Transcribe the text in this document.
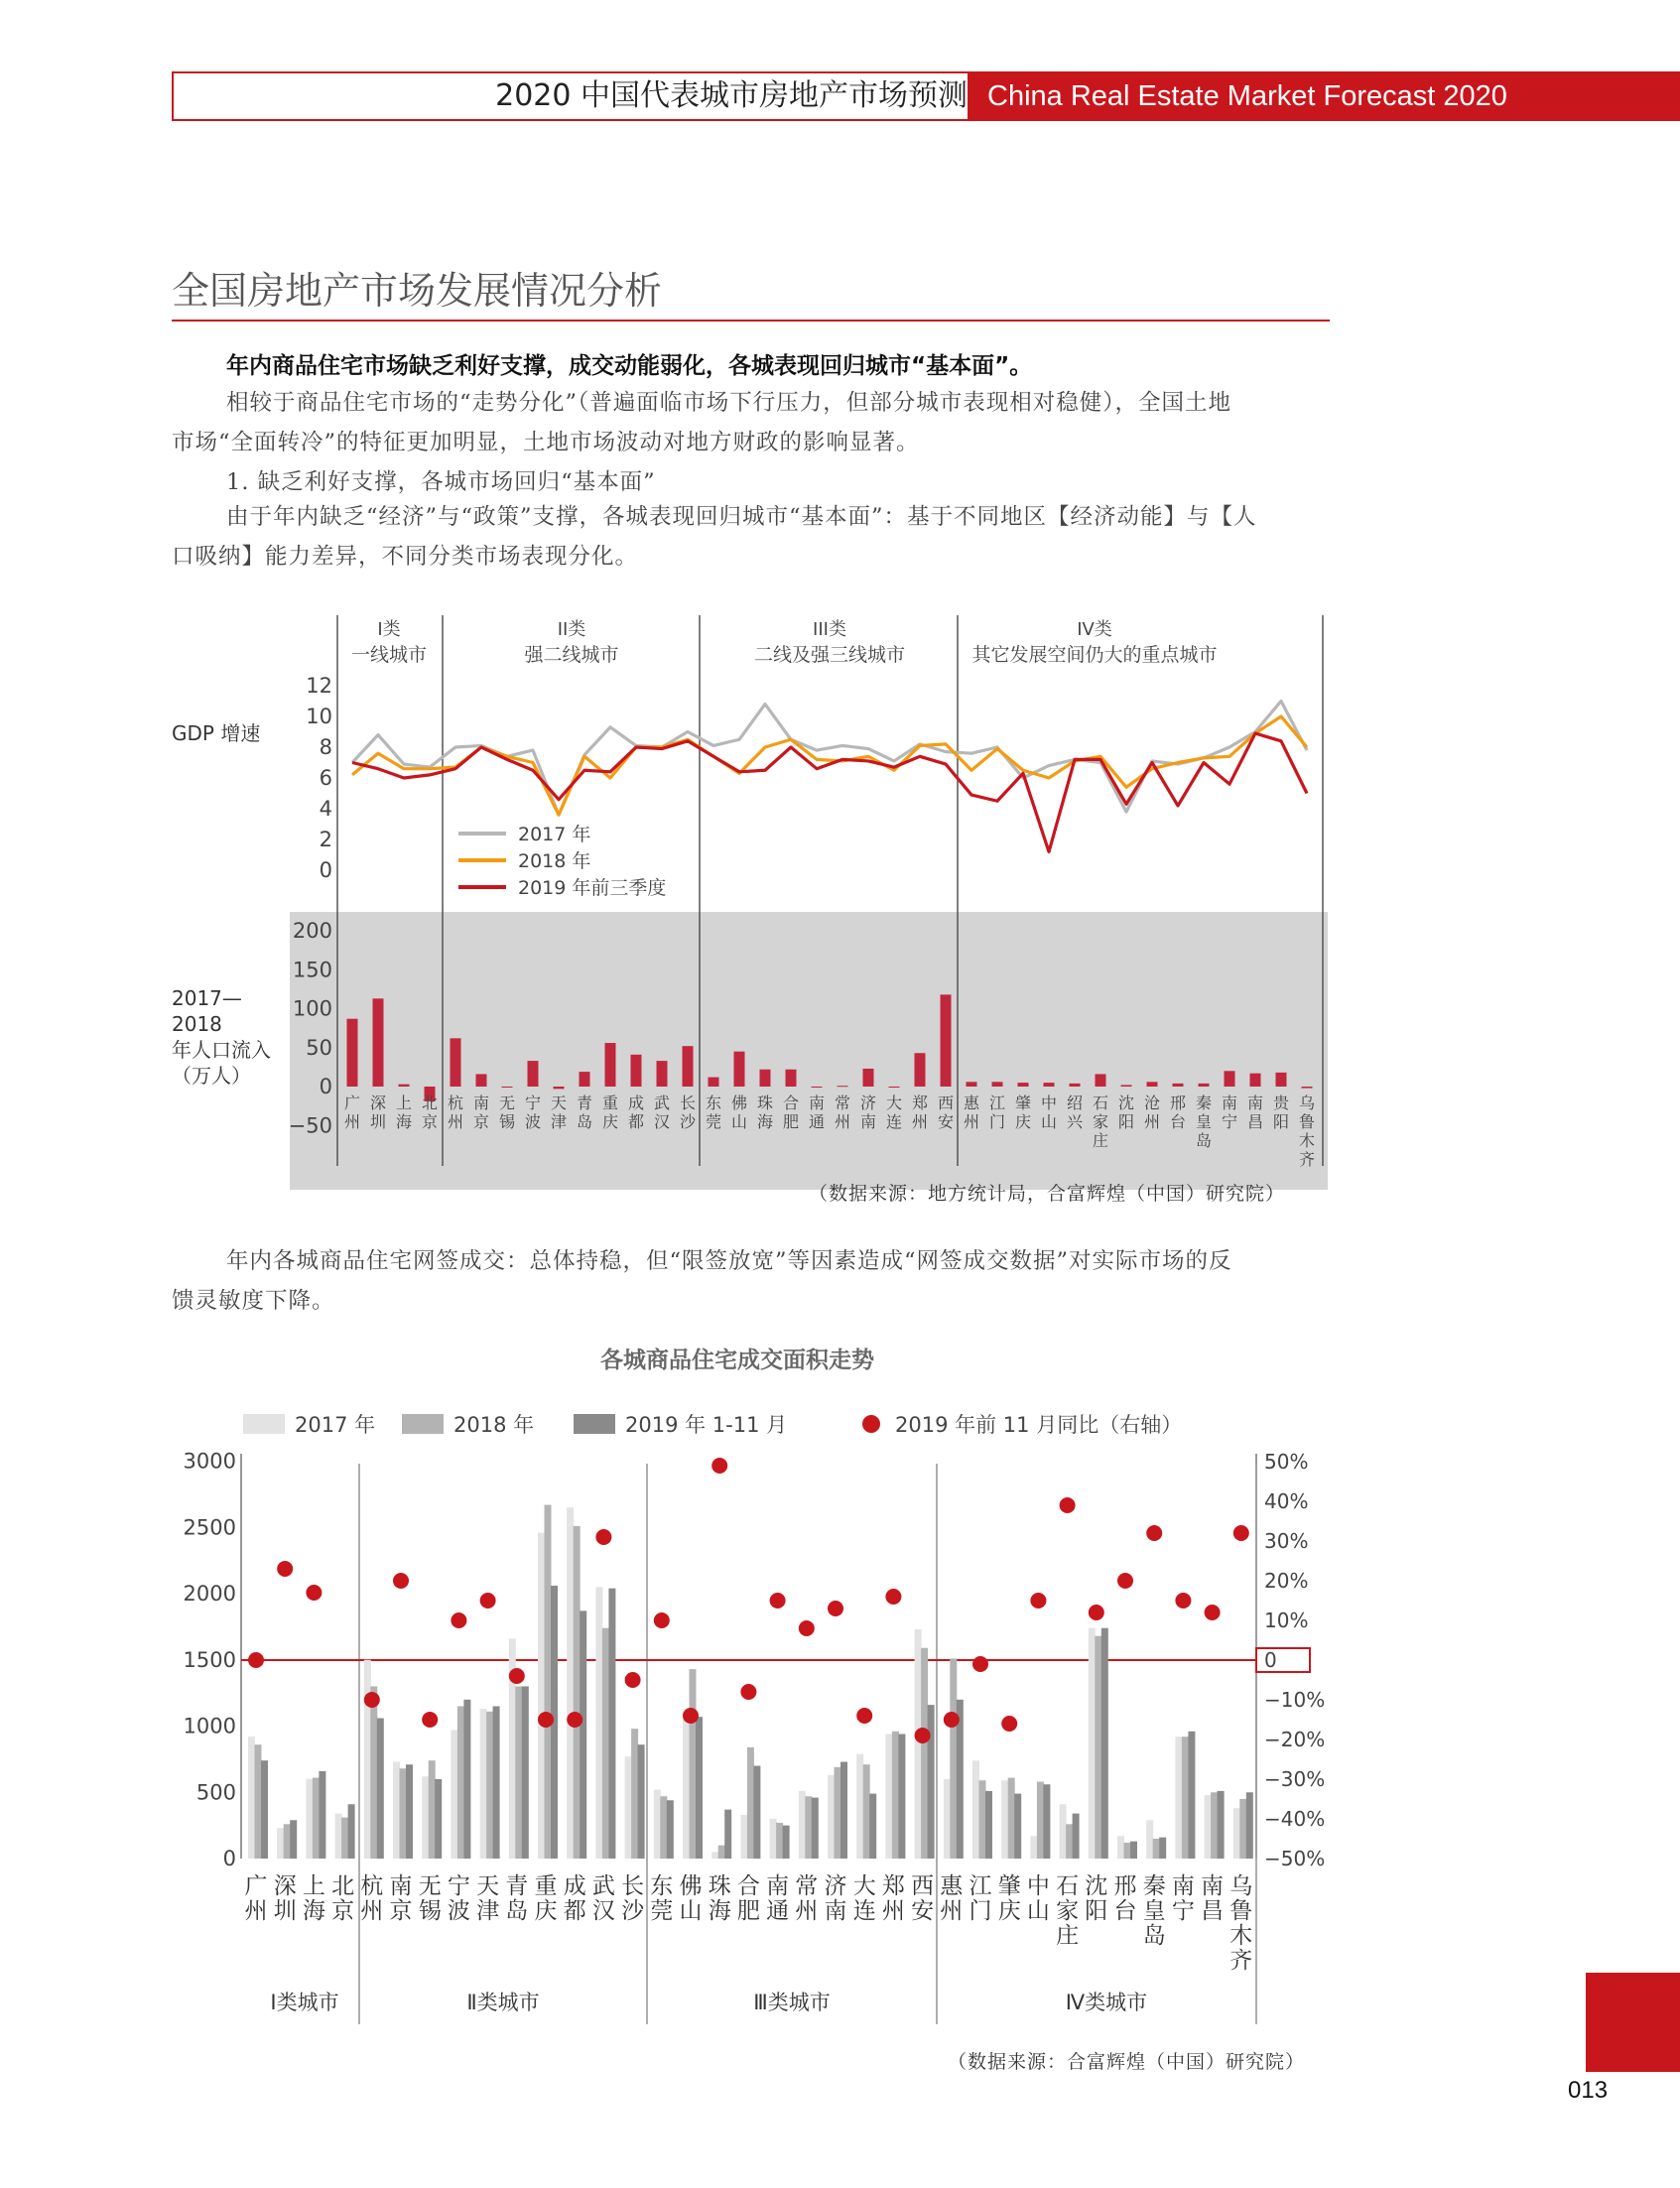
2020 中国代表城市房地产市场预测 China Real Estate Market Forecast 2020
全国房地产市场发展情况分析
年内商品住宅市场缺乏利好支撑，成交动能弱化，各城表现回归城市“基本面”。
相较于商品住宅市场的“走势分化”（普遍面临市场下行压力，但部分城市表现相对稳健），全国土地
市场“全面转冷”的特征更加明显，土地市场波动对地方财政的影响显著。
1. 缺乏利好支撑，各城市场回归“基本面”
由于年内缺乏“经济”与“政策”支撑，各城表现回归城市“基本面”：基于不同地区【经济动能】与【人
口吸纳】能力差异，不同分类市场表现分化。
I类
一线城市
II类
强二线城市
III类
二线及强三线城市
IV类
其它发展空间仍大的重点城市
12
10
8
6
4
2
0
GDP 增速
2017 年
2018 年
2019 年前三季度
200
150
100
50
0
−50
2017—
2018
年人口流入
（万人）
广
州
深
圳
上
海
北
京
杭
州
南
京
无
锡
宁
波
天
津
青
岛
重
庆
成
都
武
汉
长
沙
东
莞
佛
山
珠
海
合
肥
南
通
常
州
济
南
大
连
郑
州
西
安
惠
州
江
门
肇
庆
中
山
绍
兴
石
家
庄
沈
阳
沧
州
邢
台
秦
皇
岛
南
宁
南
昌
贵
阳
乌
鲁
木
齐
（数据来源：地方统计局，合富辉煌（中国）研究院）
年内各城商品住宅网签成交：总体持稳，但“限签放宽”等因素造成“网签成交数据”对实际市场的反
馈灵敏度下降。
各城商品住宅成交面积走势
2017 年	2018 年	2019 年 1-11 月	2019 年前 11 月同比（右轴）
3000
2500
2000
1500
1000
500
0
50%
40%
30%
20%
10%
0
−10%
−20%
−30%
−40%
−50%
广
州
深
圳
上
海
北
京
杭
州
南
京
无
锡
宁
波
天
津
青
岛
重
庆
成
都
武
汉
长
沙
东
莞
佛
山
珠
海
合
肥
南
通
常
州
济
南
大
连
郑
州
西
安
惠
州
江
门
肇
庆
中
山
石
家
庄
沈
阳
邢
台
秦
皇
岛
南
宁
南
昌
乌
鲁
木
齐
Ⅰ类城市	Ⅱ类城市	Ⅲ类城市	Ⅳ类城市
（数据来源：合富辉煌（中国）研究院）
013
